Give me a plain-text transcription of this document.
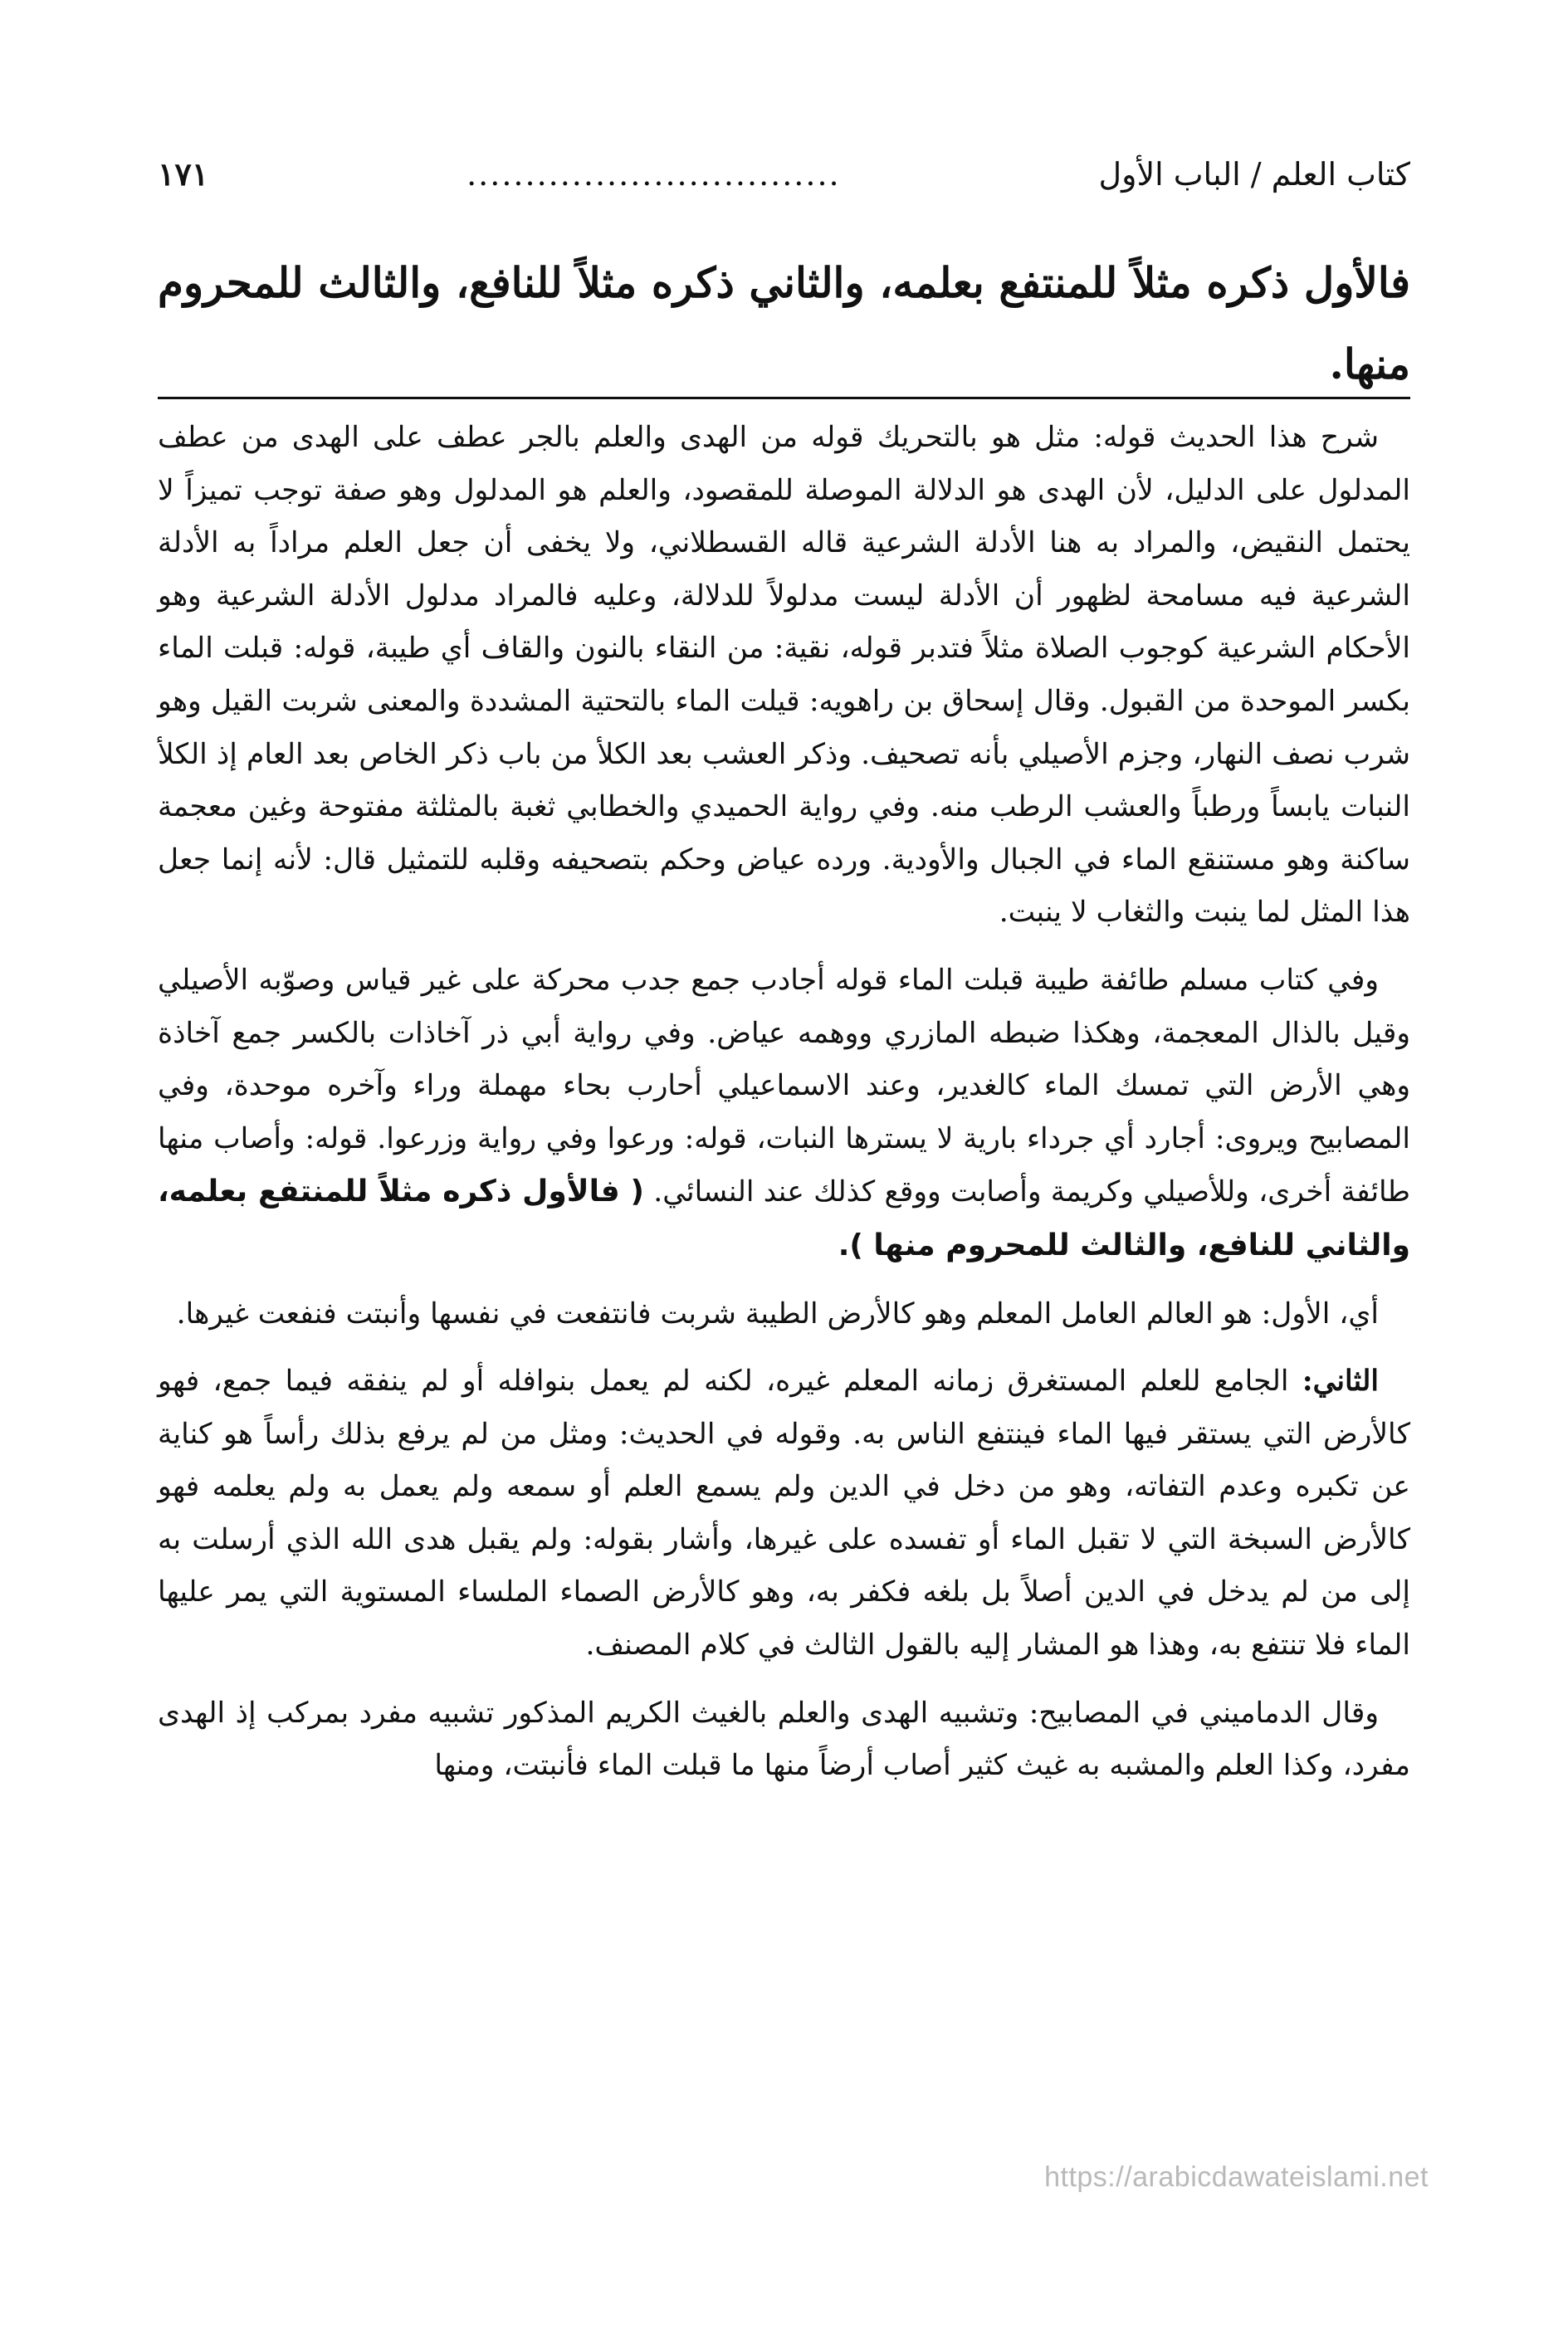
كتاب العلم / الباب الأول
................................
١٧١
فالأول ذكره مثلاً للمنتفع بعلمه، والثاني ذكره مثلاً للنافع، والثالث للمحروم منها.

شرح هذا الحديث قوله: مثل هو بالتحريك قوله من الهدى والعلم بالجر عطف على الهدى من عطف المدلول على الدليل، لأن الهدى هو الدلالة الموصلة للمقصود، والعلم هو المدلول وهو صفة توجب تميزاً لا يحتمل النقيض، والمراد به هنا الأدلة الشرعية قاله القسطلاني، ولا يخفى أن جعل العلم مراداً به الأدلة الشرعية فيه مسامحة لظهور أن الأدلة ليست مدلولاً للدلالة، وعليه فالمراد مدلول الأدلة الشرعية وهو الأحكام الشرعية كوجوب الصلاة مثلاً فتدبر قوله، نقية: من النقاء بالنون والقاف أي طيبة، قوله: قبلت الماء بكسر الموحدة من القبول. وقال إسحاق بن راهويه: قيلت الماء بالتحتية المشددة والمعنى شربت القيل وهو شرب نصف النهار، وجزم الأصيلي بأنه تصحيف. وذكر العشب بعد الكلأ من باب ذكر الخاص بعد العام إذ الكلأ النبات يابساً ورطباً والعشب الرطب منه. وفي رواية الحميدي والخطابي ثغبة بالمثلثة مفتوحة وغين معجمة ساكنة وهو مستنقع الماء في الجبال والأودية. ورده عياض وحكم بتصحيفه وقلبه للتمثيل قال: لأنه إنما جعل هذا المثل لما ينبت والثغاب لا ينبت.

وفي كتاب مسلم طائفة طيبة قبلت الماء قوله أجادب جمع جدب محركة على غير قياس وصوّبه الأصيلي وقيل بالذال المعجمة، وهكذا ضبطه المازري ووهمه عياض. وفي رواية أبي ذر آخاذات بالكسر جمع آخاذة وهي الأرض التي تمسك الماء كالغدير، وعند الاسماعيلي أحارب بحاء مهملة وراء وآخره موحدة، وفي المصابيح ويروى: أجارد أي جرداء بارية لا يسترها النبات، قوله: ورعوا وفي رواية وزرعوا. قوله: وأصاب منها طائفة أخرى، وللأصيلي وكريمة وأصابت ووقع كذلك عند النسائي. ( فالأول ذكره مثلاً للمنتفع بعلمه، والثاني للنافع، والثالث للمحروم منها ).

أي، الأول: هو العالم العامل المعلم وهو كالأرض الطيبة شربت فانتفعت في نفسها وأنبتت فنفعت غيرها.

الثاني: الجامع للعلم المستغرق زمانه المعلم غيره، لكنه لم يعمل بنوافله أو لم ينفقه فيما جمع، فهو كالأرض التي يستقر فيها الماء فينتفع الناس به. وقوله في الحديث: ومثل من لم يرفع بذلك رأساً هو كناية عن تكبره وعدم التفاته، وهو من دخل في الدين ولم يسمع العلم أو سمعه ولم يعمل به ولم يعلمه فهو كالأرض السبخة التي لا تقبل الماء أو تفسده على غيرها، وأشار بقوله: ولم يقبل هدى الله الذي أرسلت به إلى من لم يدخل في الدين أصلاً بل بلغه فكفر به، وهو كالأرض الصماء الملساء المستوية التي يمر عليها الماء فلا تنتفع به، وهذا هو المشار إليه بالقول الثالث في كلام المصنف.

وقال الدماميني في المصابيح: وتشبيه الهدى والعلم بالغيث الكريم المذكور تشبيه مفرد بمركب إذ الهدى مفرد، وكذا العلم والمشبه به غيث كثير أصاب أرضاً منها ما قبلت الماء فأنبتت، ومنها

https://arabicdawateislami.net
